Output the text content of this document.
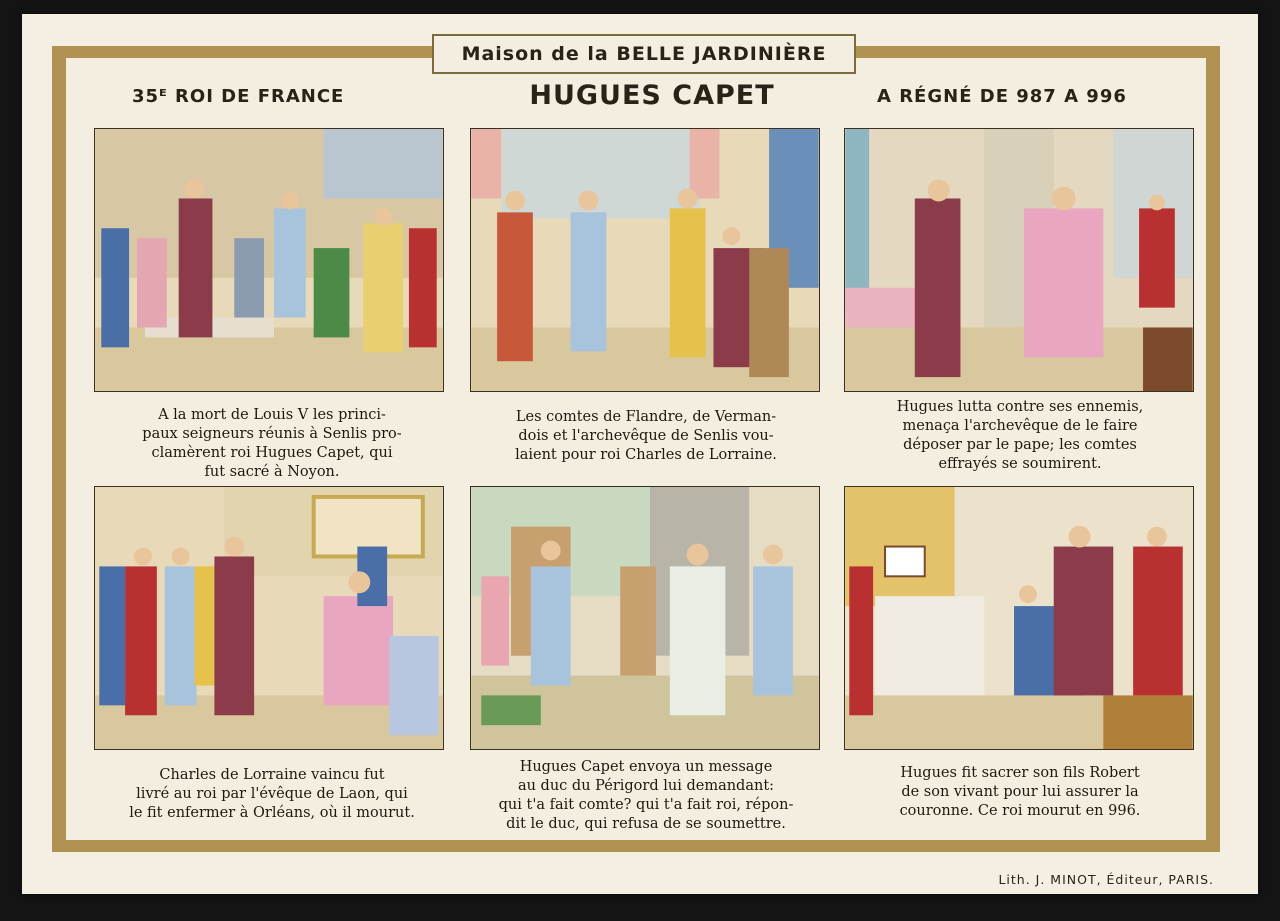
Maison de la BELLE JARDINIÈRE
35ᴱ ROI DE FRANCE	HUGUES CAPET	A RÉGNÉ DE 987 A 996
A la mort de Louis V les princi-
paux seigneurs réunis à Senlis pro-
clamèrent roi Hugues Capet, qui
fut sacré à Noyon.
Les comtes de Flandre, de Verman-
dois et l'archevêque de Senlis vou-
laient pour roi Charles de Lorraine.
Hugues lutta contre ses ennemis,
menaça l'archevêque de le faire
déposer par le pape; les comtes
effrayés se soumirent.
Charles de Lorraine vaincu fut
livré au roi par l'évêque de Laon, qui
le fit enfermer à Orléans, où il mourut.
Hugues Capet envoya un message
au duc du Périgord lui demandant:
qui t'a fait comte? qui t'a fait roi, répon-
dit le duc, qui refusa de se soumettre.
Hugues fit sacrer son fils Robert
de son vivant pour lui assurer la
couronne. Ce roi mourut en 996.
Lith. J. MINOT, Éditeur, PARIS.
